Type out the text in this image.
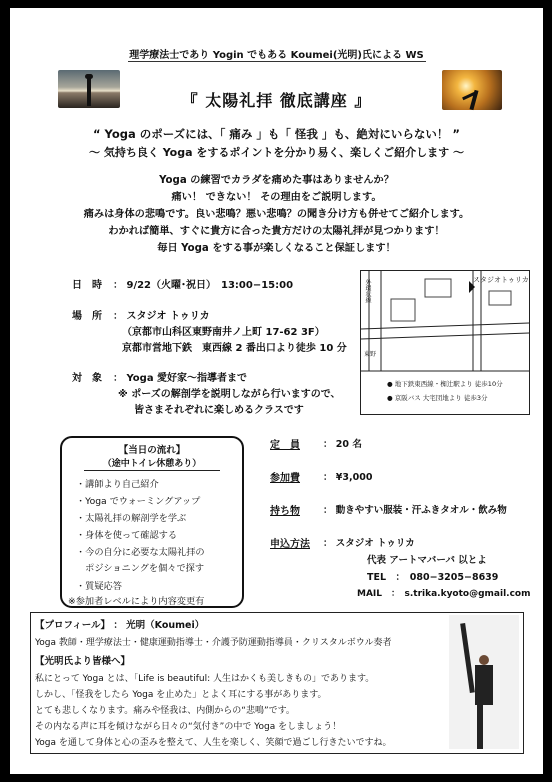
理学療法士であり Yogin でもある Koumei(光明)氏による WS
『 太陽礼拝 徹底講座 』
“ Yoga のポーズには、「 痛み 」も「 怪我 」も、絶対にいらない！ ”
～ 気持ち良く Yoga をするポイントを分かり易く、楽しくご紹介します ～
Yoga の練習でカラダを痛めた事はありませんか？
痛い！ できない！ その理由をご説明します。
痛みは身体の悲鳴です。良い悲鳴？悪い悲鳴？の聞き分け方も併せてご紹介します。
わかれば簡単、すぐに貴方に合った貴方だけの太陽礼拝が見つかります！
毎日 Yoga をする事が楽しくなること保証します！
日　時 ： 9/22（火曜･祝日）　13:00−15:00
場　所 ： スタジオ トゥリカ
（京都市山科区東野南井ノ上町 17-62 3F）
京都市営地下鉄　東西線 2 番出口より徒歩 10 分
対　象 ： Yoga 愛好家～指導者まで
※ ポーズの解剖学を説明しながら行いますので、
皆さまそれぞれに楽しめるクラスです
スタジオトゥリカ
外環状線
東野
● 地下鉄東西線・椥辻駅より 徒歩10分
● 京阪バス 大宅団地より 徒歩3分
【当日の流れ】
（途中トイレ休憩あり）
・講師より自己紹介
・Yoga でウォーミングアップ
・太陽礼拝の解剖学を学ぶ
・身体を使って確認する
・今の自分に必要な太陽礼拝の
　ポジショニングを個々で探す
・質疑応答
※参加者レベルにより内容変更有
定　員 ： 20 名
参加費 ： ¥3,000
持ち物 ： 動きやすい服装・汗ふきタオル・飲み物
申込方法 ： スタジオ トゥリカ
代表 アートマバーバ 以とよ
TEL　：　080−3205−8639
MAIL　：　s.trika.kyoto@gmail.com
【プロフィール】 ： 光明（Koumei）
Yoga 教師・理学療法士・健康運動指導士・介護予防運動指導員・クリスタルボウル奏者
【光明氏より皆様へ】
私にとって Yoga とは、「Life is beautiful: 人生はかくも美しきもの」であります。
しかし、「怪我をしたら Yoga を止めた」とよく耳にする事があります。
とても悲しくなります。痛みや怪我は、内側からの“悲鳴”です。
その内なる声に耳を傾けながら日々の“気付き”の中で Yoga をしましょう！
Yoga を通して身体と心の歪みを整えて、人生を楽しく、笑顔で過ごし行きたいですね。
